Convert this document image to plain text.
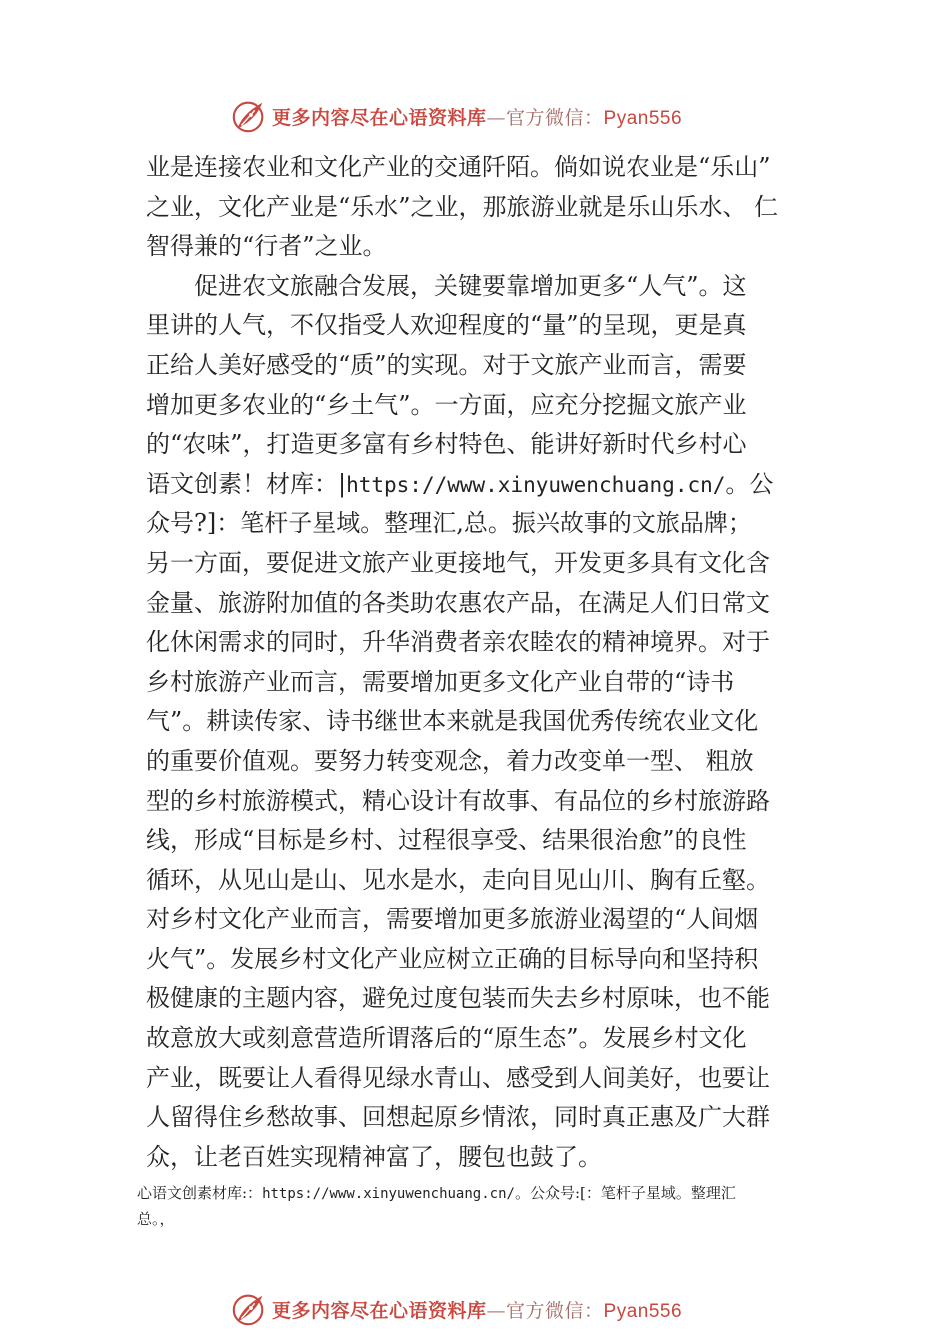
更多内容尽在心语资料库—官方微信：Pyan556
业是连接农业和文化产业的交通阡陌。倘如说农业是“乐山”
之业，文化产业是“乐水”之业，那旅游业就是乐山乐水、 仁
智得兼的“行者”之业。
促进农文旅融合发展，关键要靠增加更多“人气”。这
里讲的人气，不仅指受人欢迎程度的“量”的呈现，更是真
正给人美好感受的“质”的实现。对于文旅产业而言，需要
增加更多农业的“乡土气”。一方面，应充分挖掘文旅产业
的“农味”，打造更多富有乡村特色、能讲好新时代乡村心
语文创素！材库：|https://www.xinyuwenchuang.cn/。公
众号?]：笔杆子星域。整理汇,总。振兴故事的文旅品牌；
另一方面，要促进文旅产业更接地气，开发更多具有文化含
金量、旅游附加值的各类助农惠农产品，在满足人们日常文
化休闲需求的同时，升华消费者亲农睦农的精神境界。对于
乡村旅游产业而言，需要增加更多文化产业自带的“诗书
气”。耕读传家、诗书继世本来就是我国优秀传统农业文化
的重要价值观。要努力转变观念，着力改变单一型、 粗放
型的乡村旅游模式，精心设计有故事、有品位的乡村旅游路
线，形成“目标是乡村、过程很享受、结果很治愈”的良性
循环，从见山是山、见水是水，走向目见山川、胸有丘壑。
对乡村文化产业而言，需要增加更多旅游业渴望的“人间烟
火气”。发展乡村文化产业应树立正确的目标导向和坚持积
极健康的主题内容，避免过度包装而失去乡村原味，也不能
故意放大或刻意营造所谓落后的“原生态”。发展乡村文化
产业，既要让人看得见绿水青山、感受到人间美好，也要让
人留得住乡愁故事、回想起原乡情浓，同时真正惠及广大群
众，让老百姓实现精神富了，腰包也鼓了。
心语文创素材库:：https://www.xinyuwenchuang.cn/。公众号:[：笔杆子星域。整理汇
总。，
更多内容尽在心语资料库—官方微信：Pyan556
